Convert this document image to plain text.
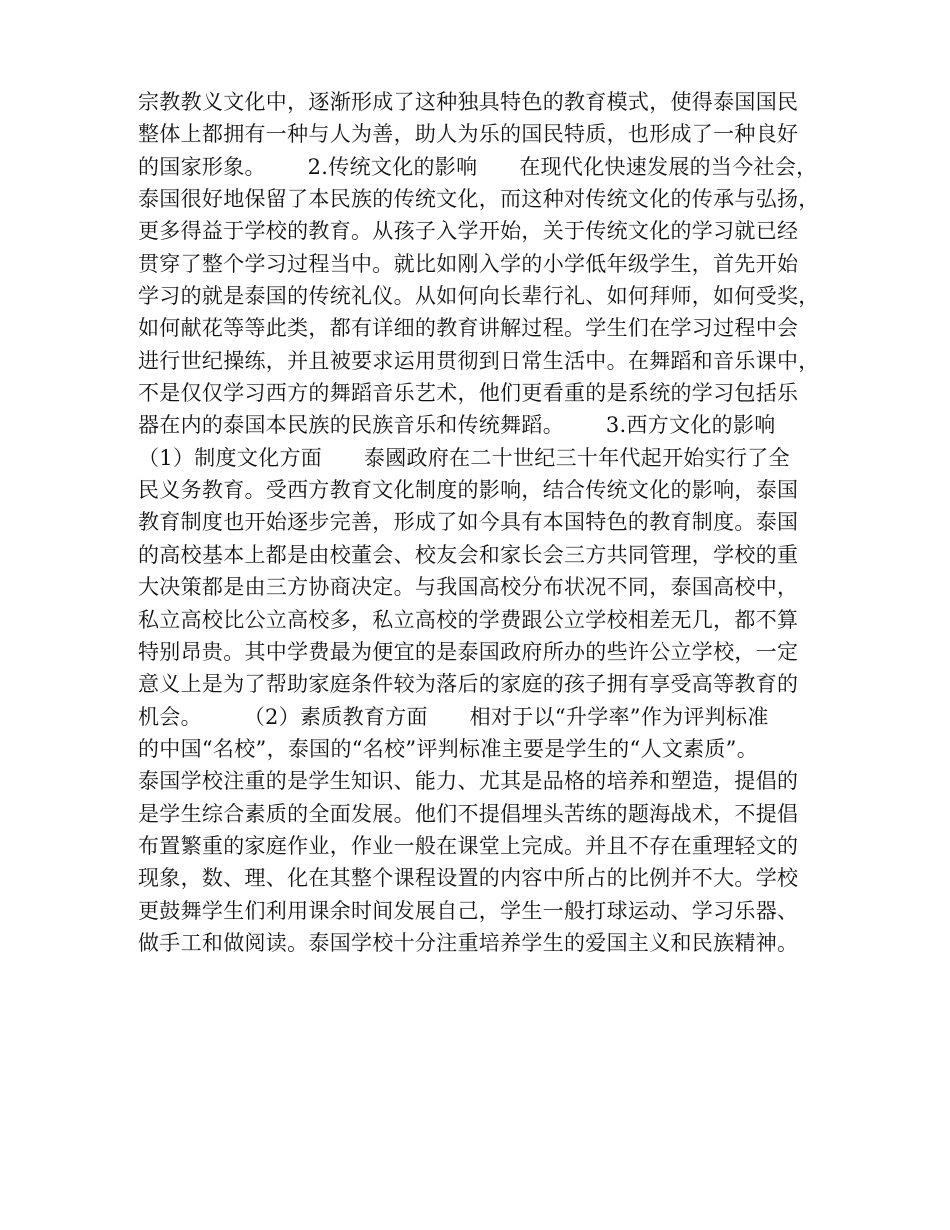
宗教教义文化中，逐渐形成了这种独具特色的教育模式，使得泰国国民
整体上都拥有一种与人为善，助人为乐的国民特质，也形成了一种良好
的国家形象。      2.传统文化的影响      在现代化快速发展的当今社会，
泰国很好地保留了本民族的传统文化，而这种对传统文化的传承与弘扬，
更多得益于学校的教育。从孩子入学开始，关于传统文化的学习就已经
贯穿了整个学习过程当中。就比如刚入学的小学低年级学生，首先开始
学习的就是泰国的传统礼仪。从如何向长辈行礼、如何拜师，如何受奖，
如何献花等等此类，都有详细的教育讲解过程。学生们在学习过程中会
进行世纪操练，并且被要求运用贯彻到日常生活中。在舞蹈和音乐课中，
不是仅仅学习西方的舞蹈音乐艺术，他们更看重的是系统的学习包括乐
器在内的泰国本民族的民族音乐和传统舞蹈。      3.西方文化的影响
（1）制度文化方面      泰國政府在二十世纪三十年代起开始实行了全
民义务教育。受西方教育文化制度的影响，结合传统文化的影响，泰国
教育制度也开始逐步完善，形成了如今具有本国特色的教育制度。泰国
的高校基本上都是由校董会、校友会和家长会三方共同管理，学校的重
大决策都是由三方协商决定。与我国高校分布状况不同，泰国高校中，
私立高校比公立高校多，私立高校的学费跟公立学校相差无几，都不算
特别昂贵。其中学费最为便宜的是泰国政府所办的些许公立学校，一定
意义上是为了帮助家庭条件较为落后的家庭的孩子拥有享受高等教育的
机会。      （2）素质教育方面      相对于以“升学率”作为评判标准
的中国“名校”，泰国的“名校”评判标准主要是学生的“人文素质”。
泰国学校注重的是学生知识、能力、尤其是品格的培养和塑造，提倡的
是学生综合素质的全面发展。他们不提倡埋头苦练的题海战术，不提倡
布置繁重的家庭作业，作业一般在课堂上完成。并且不存在重理轻文的
现象，数、理、化在其整个课程设置的内容中所占的比例并不大。学校
更鼓舞学生们利用课余时间发展自己，学生一般打球运动、学习乐器、
做手工和做阅读。泰国学校十分注重培养学生的爱国主义和民族精神。
